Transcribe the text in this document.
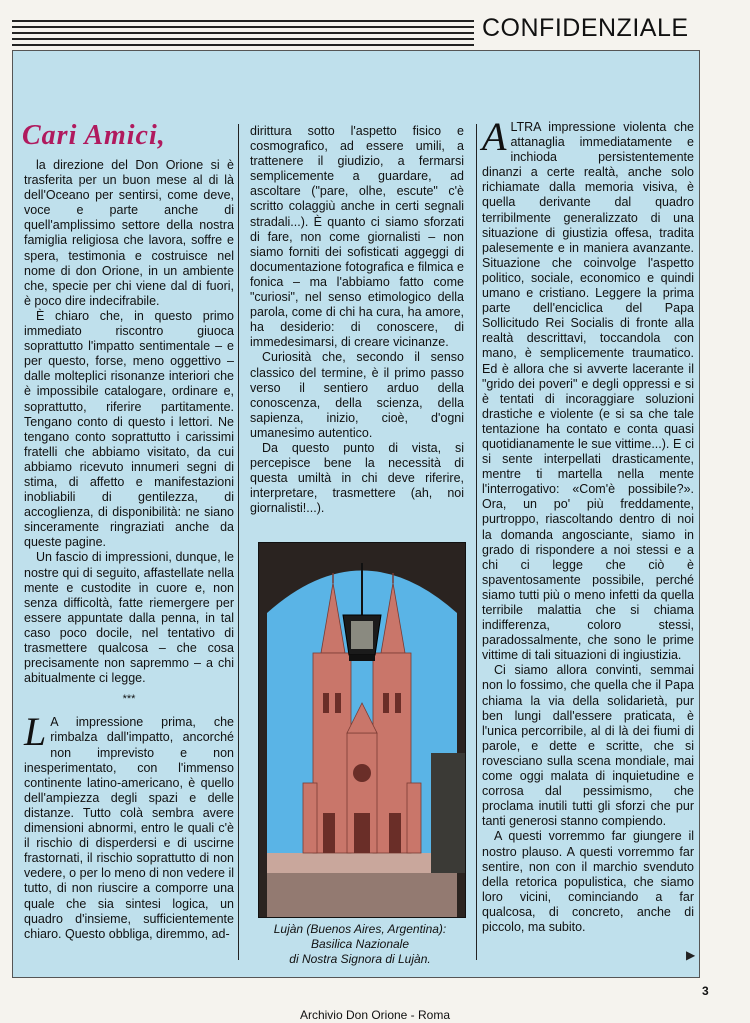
CONFIDENZIALE
Cari Amici,

la direzione del Don Orione si è trasferita per un buon mese al di là dell'Oceano per sentirsi, come deve, voce e parte anche di quell'amplissimo settore della nostra famiglia religiosa che lavora, soffre e spera, testimonia e costruisce nel nome di don Orione, in un ambiente che, specie per chi viene dal di fuori, è poco dire indecifrabile.

È chiaro che, in questo primo immediato riscontro giuoca soprattutto l'impatto sentimentale – e per questo, forse, meno oggettivo – dalle molteplici risonanze interiori che è impossibile catalogare, ordinare e, soprattutto, riferire partitamente. Tengano conto di questo i lettori. Ne tengano conto soprattutto i carissimi fratelli che abbiamo visitato, da cui abbiamo ricevuto innumeri segni di stima, di affetto e manifestazioni inobliabili di gentilezza, di accoglienza, di disponibilità: ne siano sinceramente ringraziati anche da queste pagine.

Un fascio di impressioni, dunque, le nostre qui di seguito, affastellate nella mente e custodite in cuore e, non senza difficoltà, fatte riemergere per essere appuntate dalla penna, in tal caso poco docile, nel tentativo di trasmettere qualcosa – che cosa precisamente non sapremmo – a chi abitualmente ci legge.

***

L A impressione prima, che rimbalza dall'impatto, ancorché non imprevisto e non inesperimentato, con l'immenso continente latino-americano, è quello dell'ampiezza degli spazi e delle distanze. Tutto colà sembra avere dimensioni abnormi, entro le quali c'è il rischio di disperdersi e di uscirne frastornati, il rischio soprattutto di non vedere, o per lo meno di non vedere il tutto, di non riuscire a comporre una quale che sia sintesi logica, un quadro d'insieme, sufficientemente chiaro. Questo obbliga, diremmo, ad-

dirittura sotto l'aspetto fisico e cosmografico, ad essere umili, a trattenere il giudizio, a fermarsi semplicemente a guardare, ad ascoltare ("pare, olhe, escute" c'è scritto colaggiù anche in certi segnali stradali...). È quanto ci siamo sforzati di fare, non come giornalisti – non siamo forniti dei sofisticati aggeggi di documentazione fotografica e filmica e fonica – ma l'abbiamo fatto come "curiosi", nel senso etimologico della parola, come di chi ha cura, ha amore, ha desiderio: di conoscere, di immedesimarsi, di creare vicinanze.

Curiosità che, secondo il senso classico del termine, è il primo passo verso il sentiero arduo della conoscenza, della scienza, della sapienza, inizio, cioè, d'ogni umanesimo autentico.

Da questo punto di vista, si percepisce bene la necessità di questa umiltà in chi deve riferire, interpretare, trasmettere (ah, noi giornalisti!...).

Lujàn (Buenos Aires, Argentina):
Basilica Nazionale
di Nostra Signora di Lujàn.

ALTRA impressione violenta che attanaglia immediatamente e inchioda persistentemente dinanzi a certe realtà, anche solo richiamate dalla memoria visiva, è quella derivante dal quadro terribilmente generalizzato di una situazione di giustizia offesa, tradita palesemente e in maniera avanzante. Situazione che coinvolge l'aspetto politico, sociale, economico e quindi umano e cristiano. Leggere la prima parte dell'enciclica del Papa Sollicitudo Rei Socialis di fronte alla realtà descrittavi, toccandola con mano, è semplicemente traumatico. Ed è allora che si avverte lacerante il "grido dei poveri" e degli oppressi e si è tentati di incoraggiare soluzioni drastiche e violente (e si sa che tale tentazione ha contato e conta quasi quotidianamente le sue vittime...). E ci si sente interpellati drasticamente, mentre ti martella nella mente l'interrogativo: «Com'è possibile?». Ora, un po' più freddamente, purtroppo, riascoltando dentro di noi la domanda angosciante, siamo in grado di rispondere a noi stessi e a chi ci legge che ciò è spaventosamente possibile, perché siamo tutti più o meno infetti da quella terribile malattia che si chiama indifferenza, coloro stessi, paradossalmente, che sono le prime vittime di tali situazioni di ingiustizia.

Ci siamo allora convinti, semmai non lo fossimo, che quella che il Papa chiama la via della solidarietà, pur ben lungi dall'essere praticata, è l'unica percorribile, al di là dei fiumi di parole, e dette e scritte, che si rovesciano sulla scena mondiale, mai come oggi malata di inquietudine e corrosa dal pessimismo, che proclama inutili tutti gli sforzi che pur tanti generosi stanno compiendo.

A questi vorremmo far giungere il nostro plauso. A questi vorremmo far sentire, non con il marchio svenduto della retorica populistica, che siamo loro vicini, cominciando a far qualcosa, di concreto, anche di piccolo, ma subito.

▶
3
Archivio Don Orione - Roma
